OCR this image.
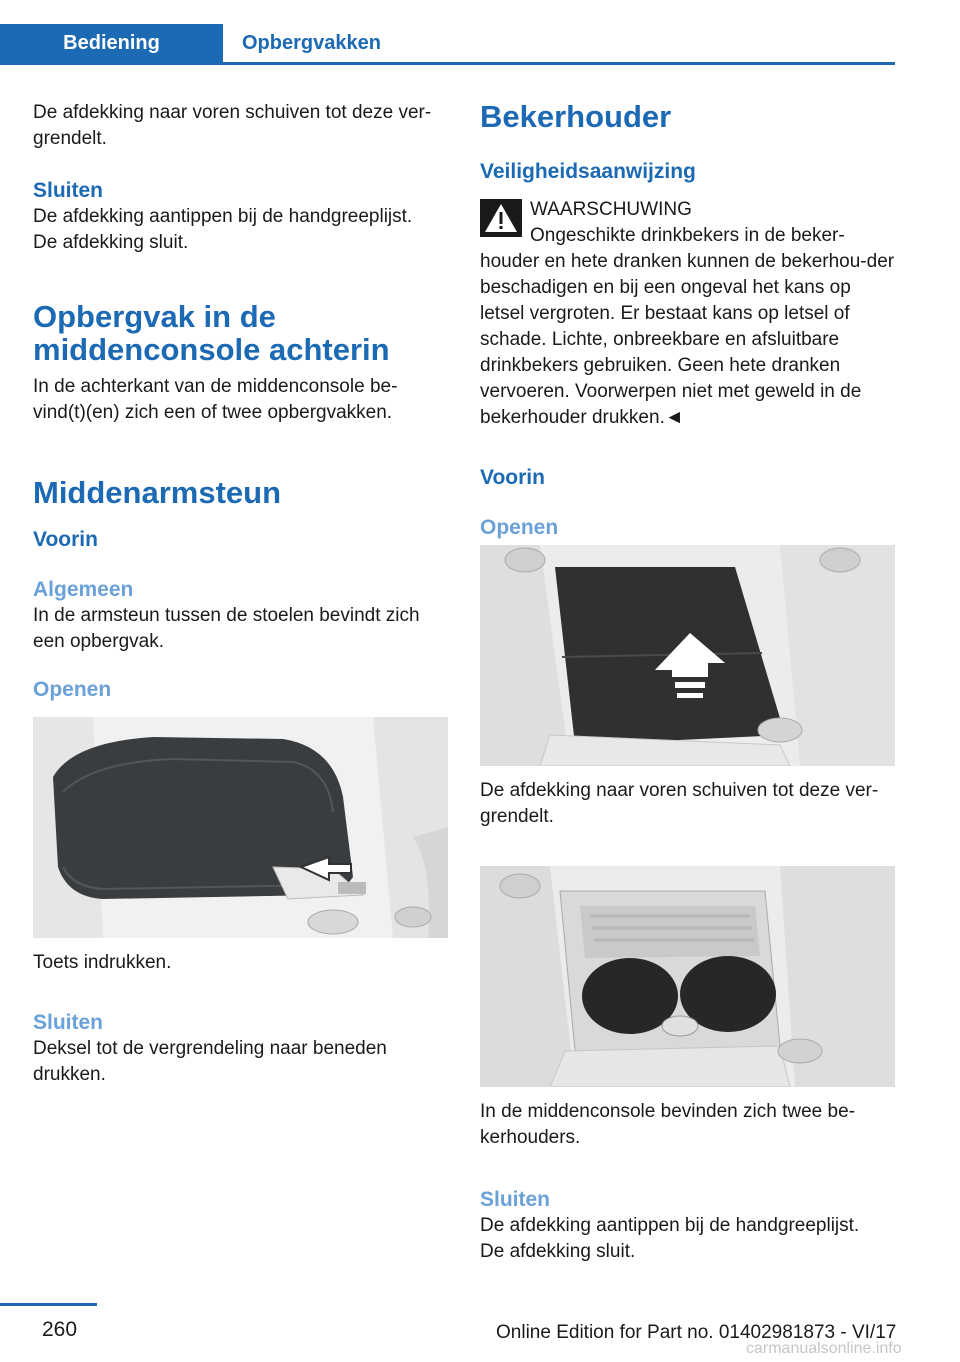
Bediening	Opbergvakken

De afdekking naar voren schuiven tot deze ver-grendelt.

Sluiten

De afdekking aantippen bij de handgreeplijst.

De afdekking sluit.

Opbergvak in de
middenconsole achterin

In de achterkant van de middenconsole be-vind(t)(en) zich een of twee opbergvakken.

Middenarmsteun
Voorin
Algemeen

In de armsteun tussen de stoelen bevindt zich een opbergvak.

Openen

Toets indrukken.

Sluiten

Deksel tot de vergrendeling naar beneden drukken.

Bekerhouder
Veiligheidsaanwijzing

WAARSCHUWING

Ongeschikte drinkbekers in de beker-

houder en hete dranken kunnen de bekerhou-der beschadigen en bij een ongeval het kans op letsel vergroten. Er bestaat kans op letsel of schade. Lichte, onbreekbare en afsluitbare drinkbekers gebruiken. Geen hete dranken vervoeren. Voorwerpen niet met geweld in de bekerhouder drukken.◄

Voorin
Openen

De afdekking naar voren schuiven tot deze ver-grendelt.

In de middenconsole bevinden zich twee be-kerhouders.

Sluiten

De afdekking aantippen bij de handgreeplijst.

De afdekking sluit.

260	Online Edition for Part no. 01402981873 - VI/17
carmanualsonline.info
